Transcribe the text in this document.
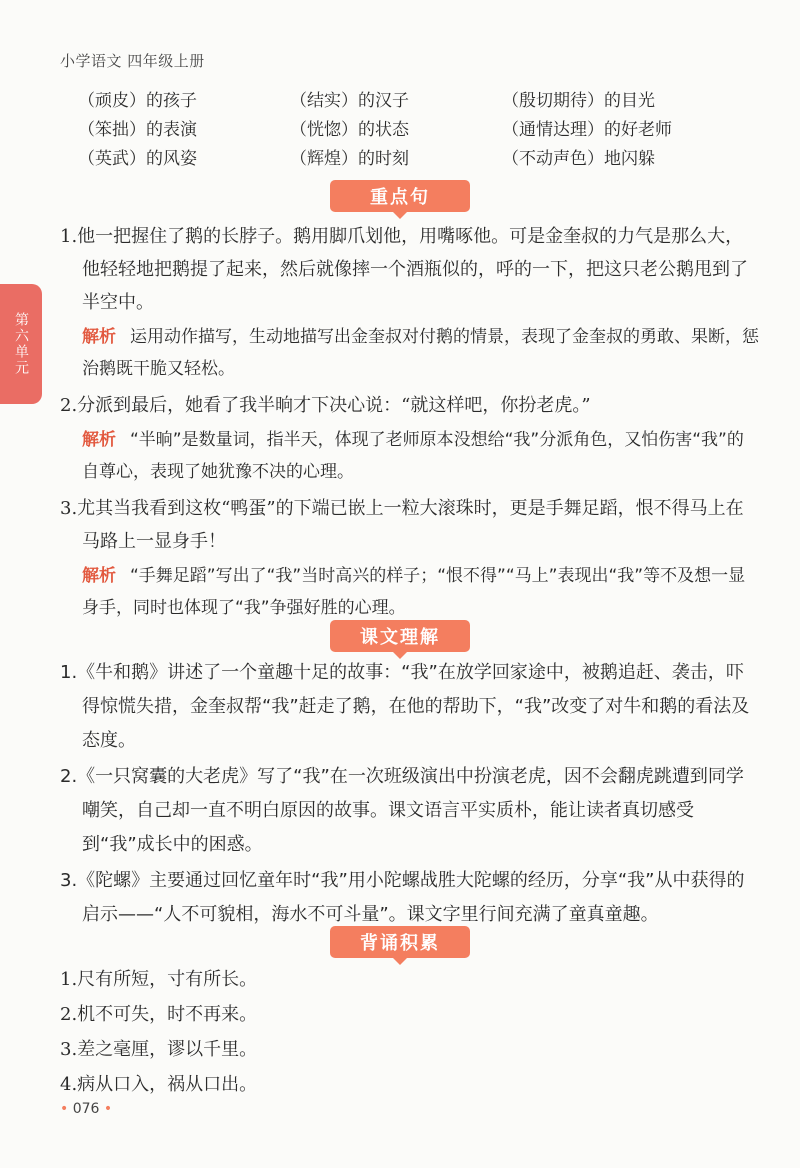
小学语文 四年级上册
第六单元
（顽皮）的孩子	（结实）的汉子	（殷切期待）的目光
（笨拙）的表演	（恍惚）的状态	（通情达理）的好老师
（英武）的风姿	（辉煌）的时刻	（不动声色）地闪躲
重点句

1.他一把握住了鹅的长脖子。鹅用脚爪划他，用嘴啄他。可是金奎叔的力气是那么大，他轻轻地把鹅提了起来，然后就像摔一个酒瓶似的，呼的一下，把这只老公鹅甩到了半空中。

解析 运用动作描写，生动地描写出金奎叔对付鹅的情景，表现了金奎叔的勇敢、果断，惩治鹅既干脆又轻松。

2.分派到最后，她看了我半晌才下决心说：“就这样吧，你扮老虎。”

解析 “半晌”是数量词，指半天，体现了老师原本没想给“我”分派角色，又怕伤害“我”的自尊心，表现了她犹豫不决的心理。

3.尤其当我看到这枚“鸭蛋”的下端已嵌上一粒大滚珠时，更是手舞足蹈，恨不得马上在马路上一显身手！

解析 “手舞足蹈”写出了“我”当时高兴的样子；“恨不得”“马上”表现出“我”等不及想一显身手，同时也体现了“我”争强好胜的心理。

课文理解

1.《牛和鹅》讲述了一个童趣十足的故事：“我”在放学回家途中，被鹅追赶、袭击，吓得惊慌失措，金奎叔帮“我”赶走了鹅，在他的帮助下，“我”改变了对牛和鹅的看法及态度。

2.《一只窝囊的大老虎》写了“我”在一次班级演出中扮演老虎，因不会翻虎跳遭到同学嘲笑，自己却一直不明白原因的故事。课文语言平实质朴，能让读者真切感受到“我”成长中的困惑。

3.《陀螺》主要通过回忆童年时“我”用小陀螺战胜大陀螺的经历，分享“我”从中获得的启示——“人不可貌相，海水不可斗量”。课文字里行间充满了童真童趣。

背诵积累

1.尺有所短，寸有所长。

2.机不可失，时不再来。

3.差之毫厘，谬以千里。

4.病从口入，祸从口出。

• 076 •
